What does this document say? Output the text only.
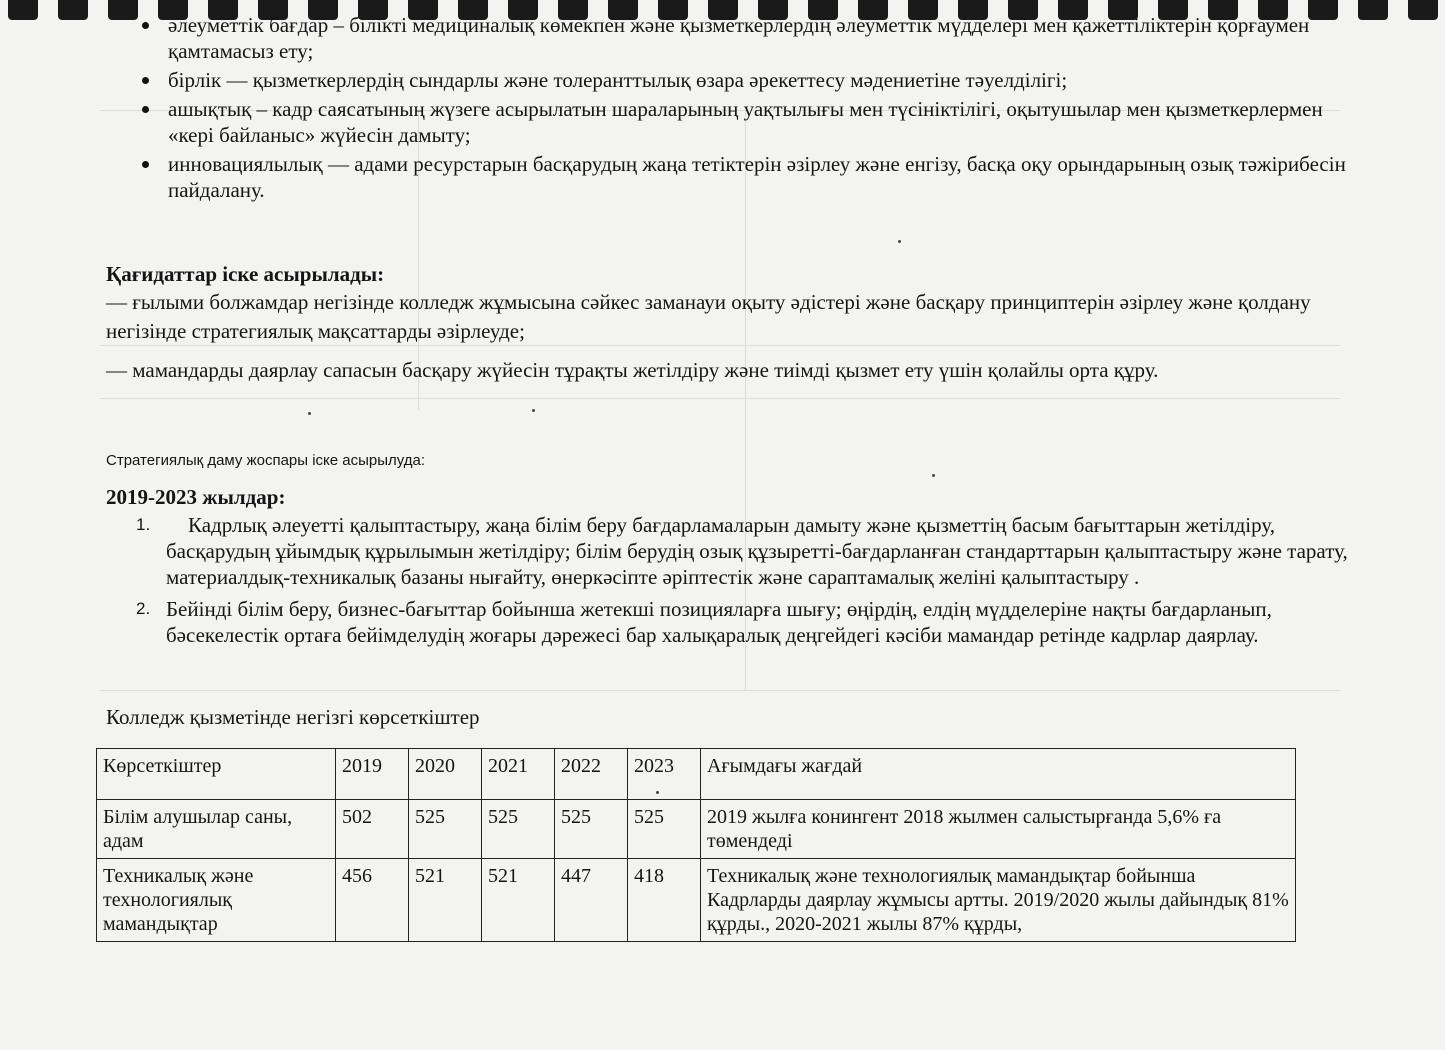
әлеуметтік бағдар – білікті медициналық көмекпен және қызметкерлердің әлеуметтік мүдделері мен қажеттіліктерін қорғаумен қамтамасыз ету;
бірлік — қызметкерлердің сындарлы және толеранттылық өзара әрекеттесу мәдениетіне тәуелділігі;
ашықтық – кадр саясатының жүзеге асырылатын шараларының уақтылығы мен түсініктілігі, оқытушылар мен қызметкерлермен «кері байланыс» жүйесін дамыту;
инновациялылық — адами ресурстарын басқарудың жаңа тетіктерін әзірлеу және енгізу, басқа оқу орындарының озық тәжірибесін пайдалану.
Қағидаттар іске асырылады:
— ғылыми болжамдар негізінде колледж жұмысына сәйкес заманауи оқыту әдістері және басқару принциптерін әзірлеу және қолдану негізінде стратегиялық мақсаттарды әзірлеуде;
— мамандарды даярлау сапасын басқару жүйесін тұрақты жетілдіру және тиімді қызмет ету үшін қолайлы орта құру.
Стратегиялық даму жоспары іске асырылуда:
2019-2023 жылдар:
1. Кадрлық әлеуетті қалыптастыру, жаңа білім беру бағдарламаларын дамыту және қызметтің басым бағыттарын жетілдіру, басқарудың ұйымдық құрылымын жетілдіру; білім берудің озық құзыретті-бағдарланған стандарттарын қалыптастыру және тарату, материалдық-техникалық базаны нығайту, өнеркәсіпте әріптестік және сараптамалық желіні қалыптастыру .
2. Бейінді білім беру, бизнес-бағыттар бойынша жетекші позицияларға шығу; өңірдің, елдің мүдделеріне нақты бағдарланып, бәсекелестік ортаға бейімделудің жоғары дәрежесі бар халықаралық деңгейдегі кәсіби мамандар ретінде кадрлар даярлау.
Колледж қызметінде негізгі көрсеткіштер
Көрсеткіштер	2019	2020	2021	2022	2023	Ағымдағы жағдай
Білім алушылар саны, адам	502	525	525	525	525	2019 жылға конингент 2018 жылмен салыстырғанда 5,6% ға төмендеді
Техникалық және технологиялық мамандықтар	456	521	521	447	418	Техникалық және технологиялық мамандықтар бойынша Кадрларды даярлау жұмысы артты. 2019/2020 жылы дайындық 81% құрды., 2020-2021 жылы 87% құрды,
